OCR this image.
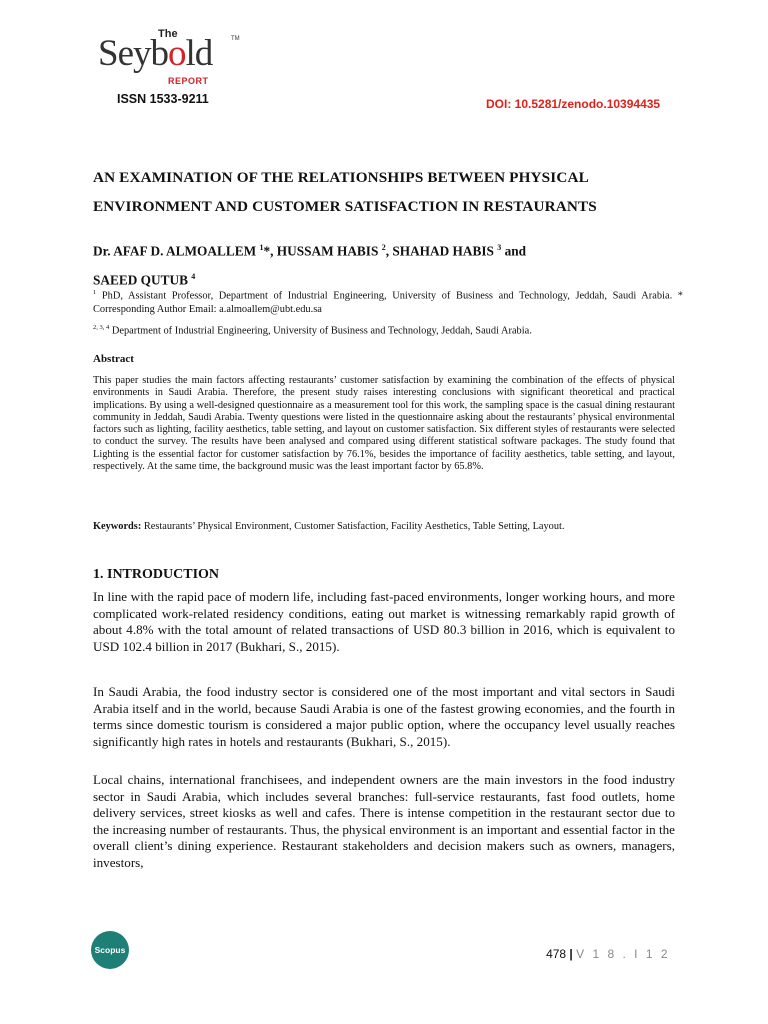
The
Seybold	TM
REPORT
ISSN 1533-9211	DOI: 10.5281/zenodo.10394435
AN EXAMINATION OF THE RELATIONSHIPS BETWEEN PHYSICAL
ENVIRONMENT AND CUSTOMER SATISFACTION IN RESTAURANTS
Dr. AFAF D. ALMOALLEM $^1$*, HUSSAM HABIS $^2$, SHAHAD HABIS $^3$ and
SAEED QUTUB $^4$
$^1$ PhD, Assistant Professor, Department of Industrial Engineering, University of Business and Technology, Jeddah, Saudi Arabia. * Corresponding Author Email: a.almoallem@ubt.edu.sa
$^{2, 3, 4}$ Department of Industrial Engineering, University of Business and Technology, Jeddah, Saudi Arabia.
Abstract
This paper studies the main factors affecting restaurants’ customer satisfaction by examining the combination of the effects of physical environments in Saudi Arabia. Therefore, the present study raises interesting conclusions with significant theoretical and practical implications. By using a well-designed questionnaire as a measurement tool for this work, the sampling space is the casual dining restaurant community in Jeddah, Saudi Arabia. Twenty questions were listed in the questionnaire asking about the restaurants’ physical environmental factors such as lighting, facility aesthetics, table setting, and layout on customer satisfaction. Six different styles of restaurants were selected to conduct the survey. The results have been analysed and compared using different statistical software packages. The study found that Lighting is the essential factor for customer satisfaction by 76.1%, besides the importance of facility aesthetics, table setting, and layout, respectively. At the same time, the background music was the least important factor by 65.8%.
Keywords: Restaurants’ Physical Environment, Customer Satisfaction, Facility Aesthetics, Table Setting, Layout.
1. INTRODUCTION
In line with the rapid pace of modern life, including fast-paced environments, longer working hours, and more complicated work-related residency conditions, eating out market is witnessing remarkably rapid growth of about 4.8% with the total amount of related transactions of USD 80.3 billion in 2016, which is equivalent to USD 102.4 billion in 2017 (Bukhari, S., 2015).
In Saudi Arabia, the food industry sector is considered one of the most important and vital sectors in Saudi Arabia itself and in the world, because Saudi Arabia is one of the fastest growing economies, and the fourth in terms since domestic tourism is considered a major public option, where the occupancy level usually reaches significantly high rates in hotels and restaurants (Bukhari, S., 2015).
Local chains, international franchisees, and independent owners are the main investors in the food industry sector in Saudi Arabia, which includes several branches: full-service restaurants, fast food outlets, home delivery services, street kiosks as well and cafes. There is intense competition in the restaurant sector due to the increasing number of restaurants. Thus, the physical environment is an important and essential factor in the overall client’s dining experience. Restaurant stakeholders and decision makers such as owners, managers, investors,
Scopus	478 | V 1 8 . I 1 2
